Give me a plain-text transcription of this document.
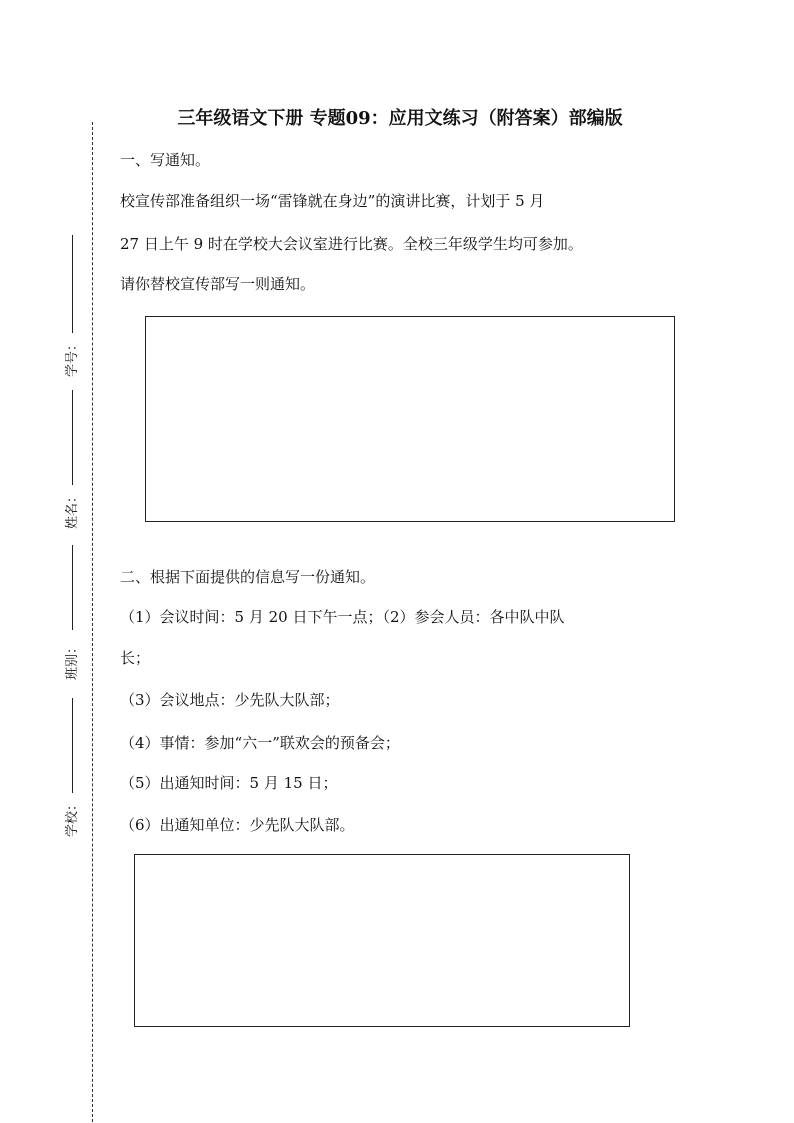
学号：
姓名：
班别：
学校：
三年级语文下册 专题09：应用文练习（附答案）部编版
一、写通知。
校宣传部准备组织一场“雷锋就在身边”的演讲比赛，计划于 5 月
27 日上午 9 时在学校大会议室进行比赛。全校三年级学生均可参加。
请你替校宣传部写一则通知。
二、根据下面提供的信息写一份通知。
（1）会议时间：5 月 20 日下午一点；（2）参会人员：各中队中队
长；
（3）会议地点：少先队大队部；
（4）事情：参加“六一”联欢会的预备会；
（5）出通知时间：5 月 15 日；
（6）出通知单位：少先队大队部。
